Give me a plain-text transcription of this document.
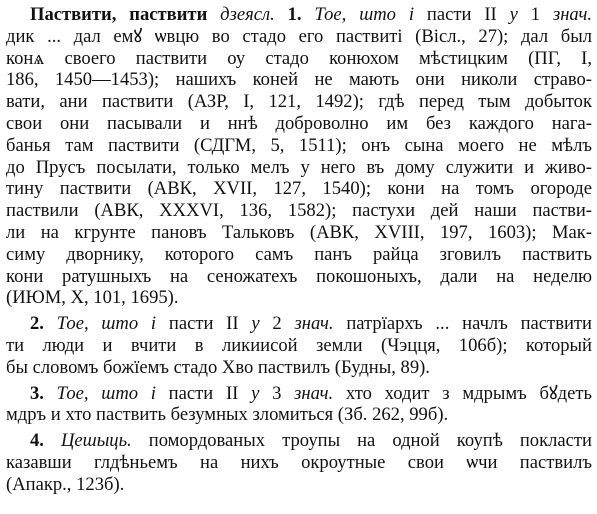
Паствити, паствити дзеясл. 1. Тое, што і пасти II у 1 знач.
дик ... дал емꙋ ѡвцю во стадо его паствиті (Вісл., 27); дал был
конѧ своего паствити оу стадо конюхом мѣстицким (ПГ, I,
186, 1450—1453); нашихъ коней не мають они николи страво-
вати, ани паствити (АЗР, I, 121, 1492); гдѣ перед тым добыток
свои они пасывали и ннѣ доброволно им без каждого нага-
банья там паствити (СДГМ, 5, 1511); онъ сына моего не мѣлъ
до Прусъ посылати, только мелъ у него въ дому служити и живо-
тину паствити (АВК, XVII, 127, 1540); кони на томъ огороде
паствили (АВК, XXXVI, 136, 1582); пастухи дей наши пастви-
ли на кгрунте пановъ Тальковъ (АВК, XVIII, 197, 1603); Мак-
симу дворнику, которого самъ панъ райца зговилъ паствить
кони ратушныхъ на сеножатехъ покошоныхъ, дали на неделю
(ИЮМ, X, 101, 1695).
2. Тое, што і пасти II у 2 знач. патрїархъ ... начлъ паствити
ти люди и вчити в ликиисой земли (Чэцця, 106б); который
бы словомъ божїемъ стадо Хво паствилъ (Будны, 89).
3. Тое, што і пасти II у 3 знач. хто ходит з мдрымъ бꙋдеть
мдръ и хто паствить безумных зломиться (Зб. 262, 99б).
4. Цешыць. помордованых троупы на одной коупѣ покласти
казавши глдѣньемъ на нихъ окроутные свои ѡчи паствилъ
(Апакр., 123б).
